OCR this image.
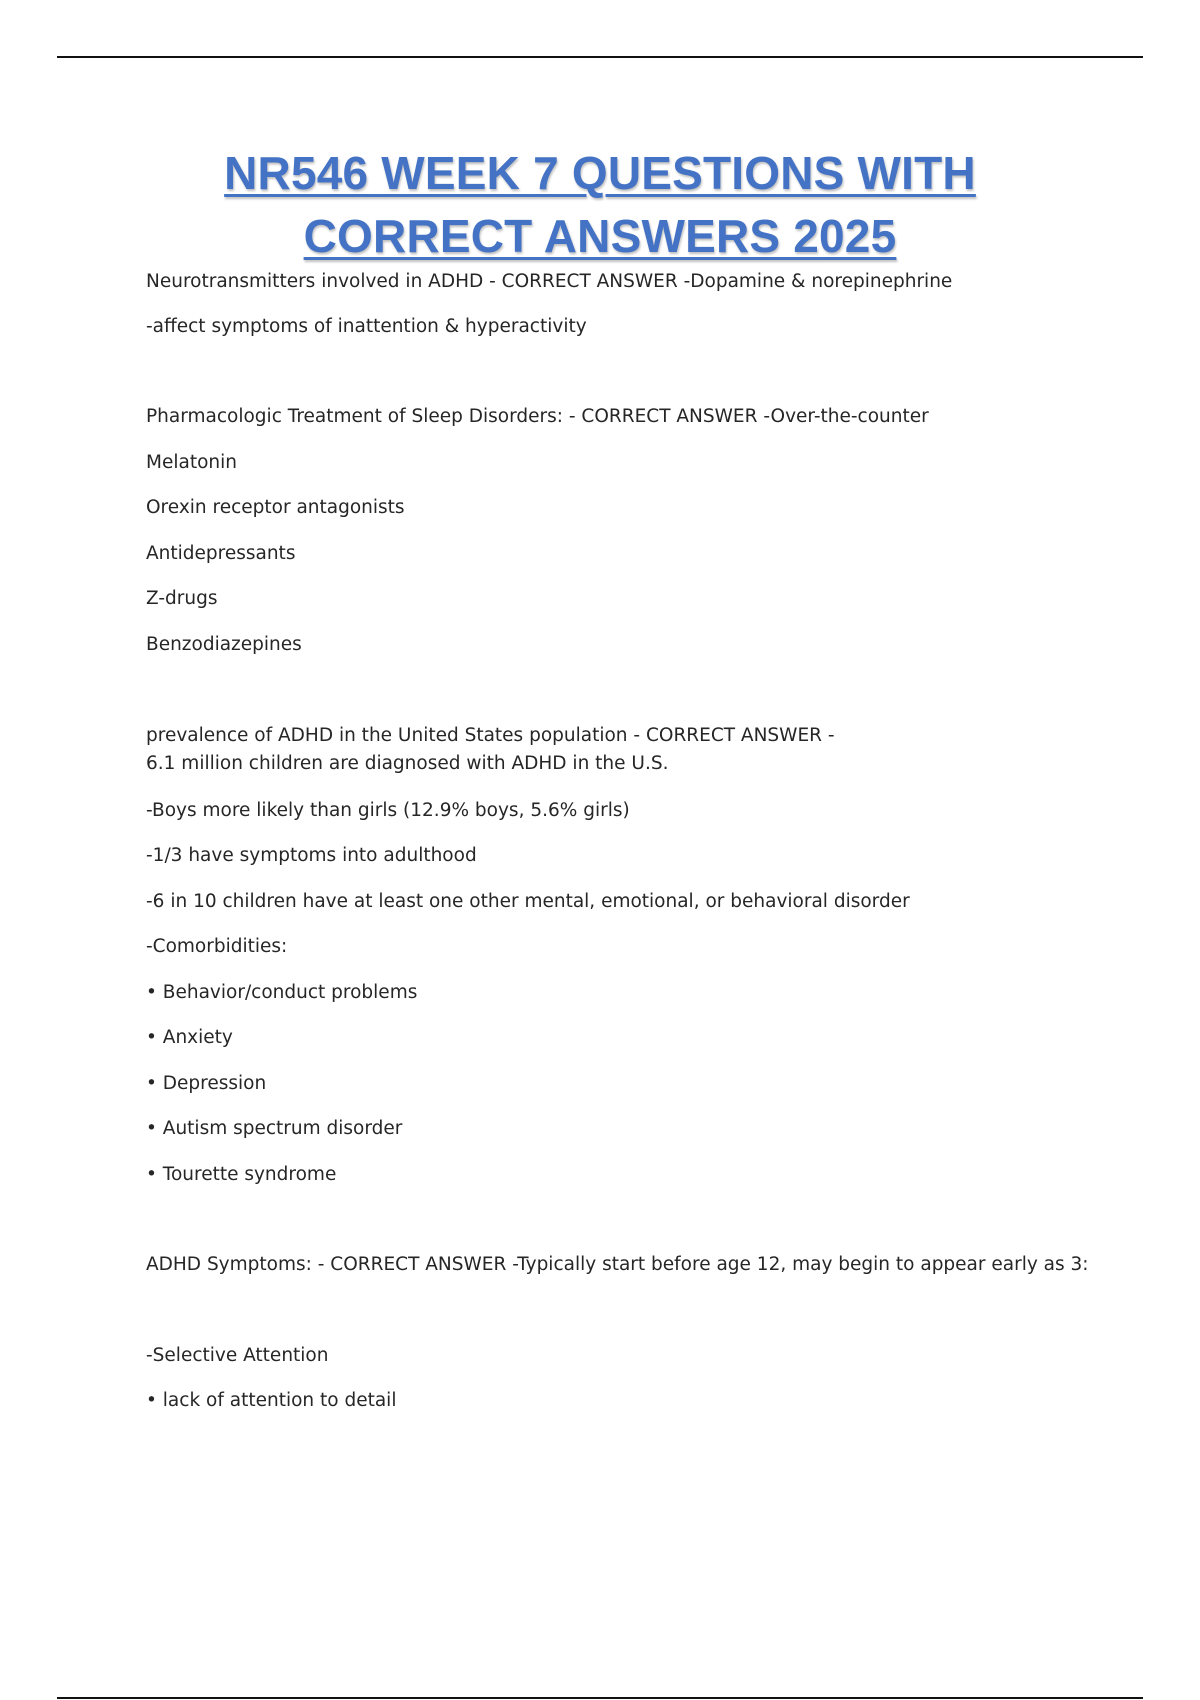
NR546 WEEK 7 QUESTIONS WITH
CORRECT ANSWERS 2025
Neurotransmitters involved in ADHD - CORRECT ANSWER -Dopamine & norepinephrine
-affect symptoms of inattention & hyperactivity
Pharmacologic Treatment of Sleep Disorders: - CORRECT ANSWER -Over-the-counter
Melatonin
Orexin receptor antagonists
Antidepressants
Z-drugs
Benzodiazepines
prevalence of ADHD in the United States population - CORRECT ANSWER -
6.1 million children are diagnosed with ADHD in the U.S.
-Boys more likely than girls (12.9% boys, 5.6% girls)
-1/3 have symptoms into adulthood
-6 in 10 children have at least one other mental, emotional, or behavioral disorder
-Comorbidities:
• Behavior/conduct problems
• Anxiety
• Depression
• Autism spectrum disorder
• Tourette syndrome
ADHD Symptoms: - CORRECT ANSWER -Typically start before age 12, may begin to appear early as 3:
-Selective Attention
• lack of attention to detail
